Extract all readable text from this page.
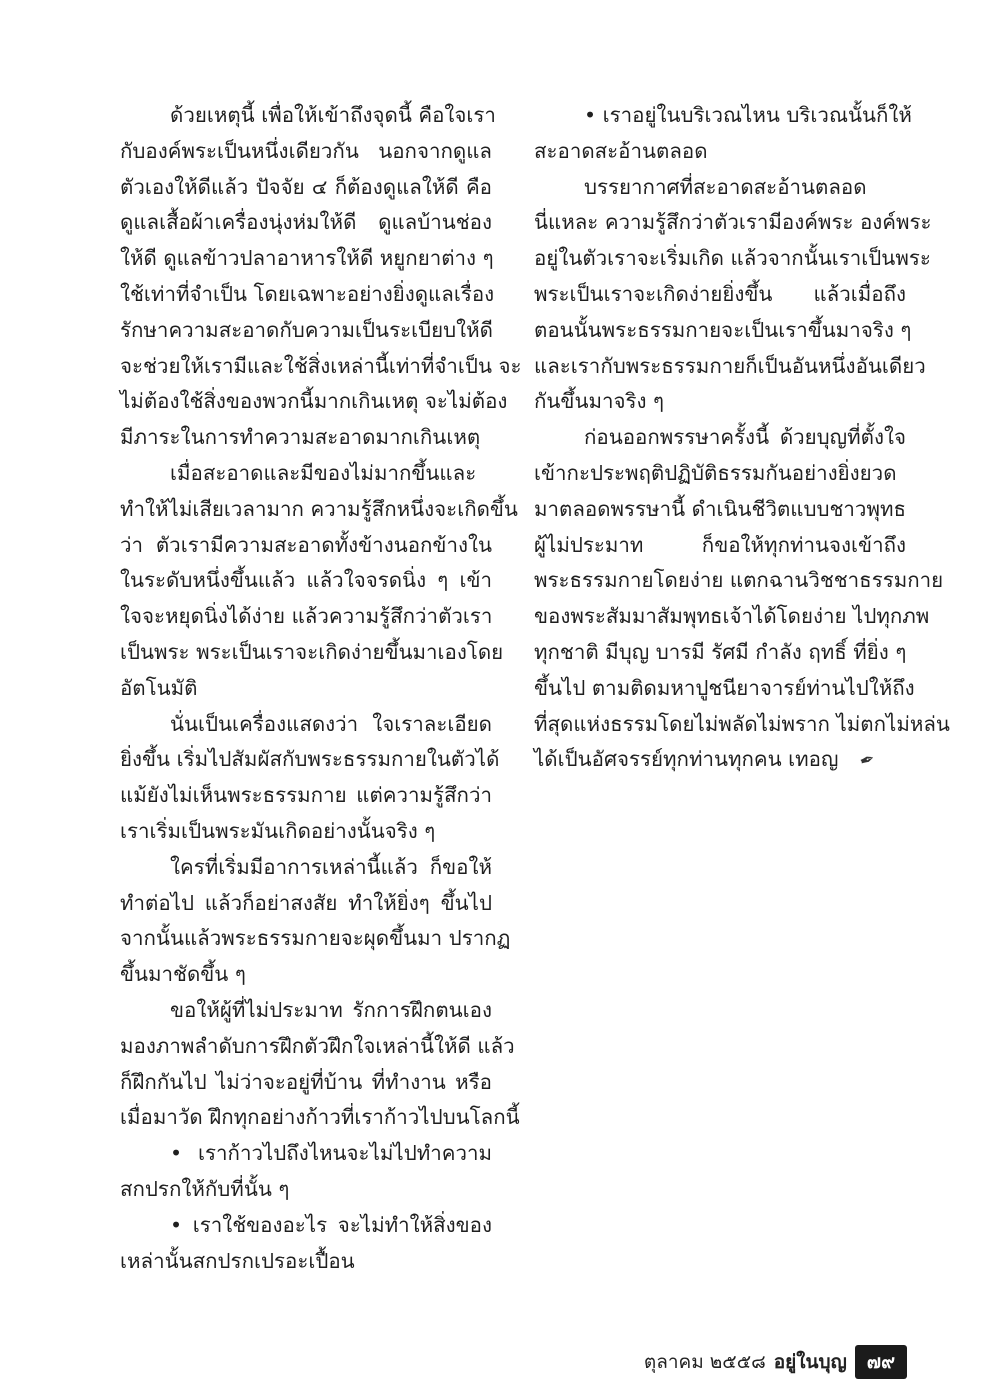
ด้วยเหตุนี้ เพื่อให้เข้าถึงจุดนี้ คือใจเรา
กับองค์พระเป็นหนึ่งเดียวกัน นอกจากดูแล
ตัวเองให้ดีแล้ว ปัจจัย ๔ ก็ต้องดูแลให้ดี คือ
ดูแลเสื้อผ้าเครื่องนุ่งห่มให้ดี ดูแลบ้านช่อง
ให้ดี ดูแลข้าวปลาอาหารให้ดี หยูกยาต่าง ๆ
ใช้เท่าที่จำเป็น โดยเฉพาะอย่างยิ่งดูแลเรื่อง
รักษาความสะอาดกับความเป็นระเบียบให้ดี
จะช่วยให้เรามีและใช้สิ่งเหล่านี้เท่าที่จำเป็น จะ
ไม่ต้องใช้สิ่งของพวกนี้มากเกินเหตุ จะไม่ต้อง
มีภาระในการทำความสะอาดมากเกินเหตุ
เมื่อสะอาดและมีของไม่มากขึ้นและ
ทำให้ไม่เสียเวลามาก ความรู้สึกหนึ่งจะเกิดขึ้น
ว่า ตัวเรามีความสะอาดทั้งข้างนอกข้างใน
ในระดับหนึ่งขึ้นแล้ว แล้วใจจรดนิ่ง ๆ เข้า
ใจจะหยุดนิ่งได้ง่าย แล้วความรู้สึกว่าตัวเรา
เป็นพระ พระเป็นเราจะเกิดง่ายขึ้นมาเองโดย
อัตโนมัติ
นั่นเป็นเครื่องแสดงว่า ใจเราละเอียด
ยิ่งขึ้น เริ่มไปสัมผัสกับพระธรรมกายในตัวได้
แม้ยังไม่เห็นพระธรรมกาย แต่ความรู้สึกว่า
เราเริ่มเป็นพระมันเกิดอย่างนั้นจริง ๆ
ใครที่เริ่มมีอาการเหล่านี้แล้ว ก็ขอให้
ทำต่อไป แล้วก็อย่าสงสัย ทำให้ยิ่งๆ ขึ้นไป
จากนั้นแล้วพระธรรมกายจะผุดขึ้นมา ปรากฏ
ขึ้นมาชัดขึ้น ๆ
ขอให้ผู้ที่ไม่ประมาท รักการฝึกตนเอง
มองภาพลำดับการฝึกตัวฝึกใจเหล่านี้ให้ดี แล้ว
ก็ฝึกกันไป ไม่ว่าจะอยู่ที่บ้าน ที่ทำงาน หรือ
เมื่อมาวัด ฝึกทุกอย่างก้าวที่เราก้าวไปบนโลกนี้
• เราก้าวไปถึงไหนจะไม่ไปทำความ
สกปรกให้กับที่นั้น ๆ
• เราใช้ของอะไร จะไม่ทำให้สิ่งของ
เหล่านั้นสกปรกเปรอะเปื้อน
• เราอยู่ในบริเวณไหน บริเวณนั้นก็ให้
สะอาดสะอ้านตลอด
บรรยากาศที่สะอาดสะอ้านตลอด
นี่แหละ ความรู้สึกว่าตัวเรามีองค์พระ องค์พระ
อยู่ในตัวเราจะเริ่มเกิด แล้วจากนั้นเราเป็นพระ
พระเป็นเราจะเกิดง่ายยิ่งขึ้น แล้วเมื่อถึง
ตอนนั้นพระธรรมกายจะเป็นเราขึ้นมาจริง ๆ
และเรากับพระธรรมกายก็เป็นอันหนึ่งอันเดียว
กันขึ้นมาจริง ๆ
ก่อนออกพรรษาครั้งนี้ ด้วยบุญที่ตั้งใจ
เข้ากะประพฤติปฏิบัติธรรมกันอย่างยิ่งยวด
มาตลอดพรรษานี้ ดำเนินชีวิตแบบชาวพุทธ
ผู้ไม่ประมาท ก็ขอให้ทุกท่านจงเข้าถึง
พระธรรมกายโดยง่าย แตกฉานวิชชาธรรมกาย
ของพระสัมมาสัมพุทธเจ้าได้โดยง่าย ไปทุกภพ
ทุกชาติ มีบุญ บารมี รัศมี กำลัง ฤทธิ์ ที่ยิ่ง ๆ
ขึ้นไป ตามติดมหาปูชนียาจารย์ท่านไปให้ถึง
ที่สุดแห่งธรรมโดยไม่พลัดไม่พราก ไม่ตกไม่หล่น
ได้เป็นอัศจรรย์ทุกท่านทุกคน เทอญ ✒
ตุลาคม ๒๕๕๘ อยู่ในบุญ	๗๙
